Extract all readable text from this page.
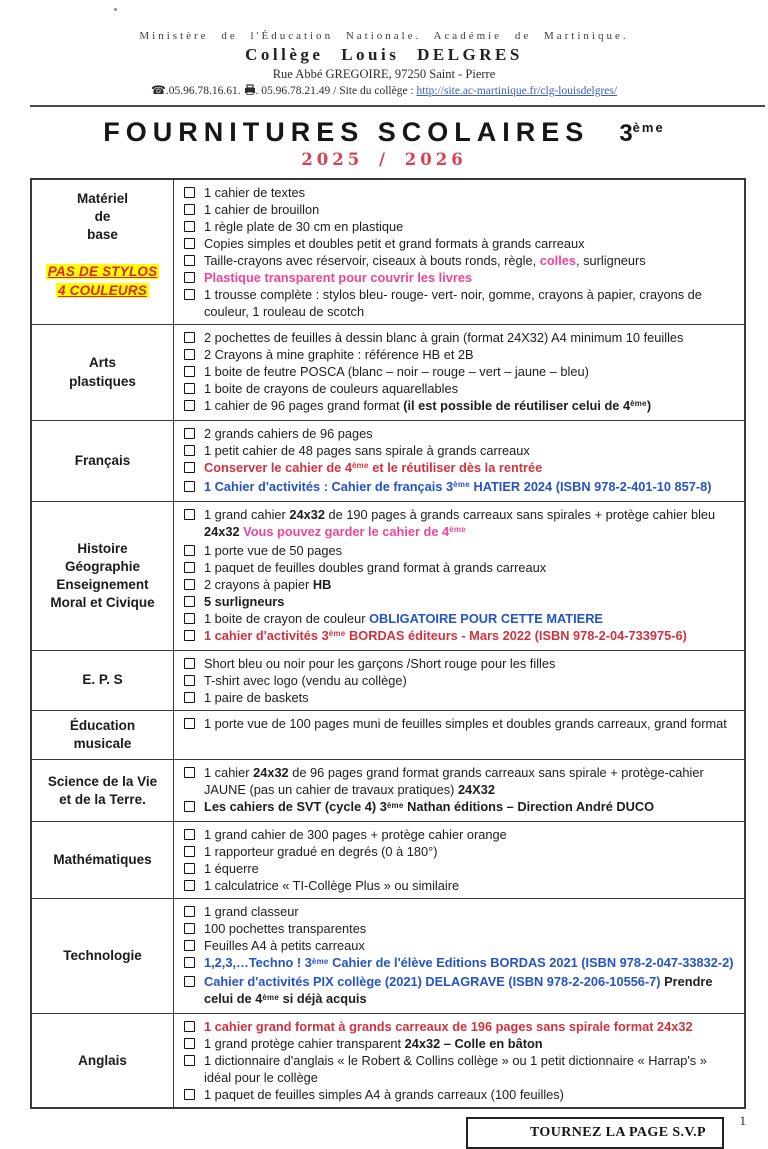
Ministère de l'Éducation Nationale. Académie de Martinique.
Collège Louis DELGRES
Rue Abbé GREGOIRE, 97250 Saint - Pierre
☎.05.96.78.16.61. . 05.96.78.21.49 / Site du collège : http://site.ac-martinique.fr/clg-louisdelgres/
FOURNITURES SCOLAIRES 3ème
2025 / 2026
Matériel
de
base
PAS DE STYLOS
4 COULEURS
1 cahier de textes
1 cahier de brouillon
1 règle plate de 30 cm en plastique
Copies simples et doubles petit et grand formats à grands carreaux
Taille-crayons avec réservoir, ciseaux à bouts ronds, règle, colles, surligneurs
Plastique transparent pour couvrir les livres
1 trousse complète : stylos bleu- rouge- vert- noir, gomme, crayons à papier, crayons de couleur, 1 rouleau de scotch
Arts
plastiques
2 pochettes de feuilles à dessin blanc à grain (format 24X32) A4 minimum 10 feuilles
2 Crayons à mine graphite : référence HB et 2B
1 boite de feutre POSCA (blanc – noir – rouge – vert – jaune – bleu)
1 boite de crayons de couleurs aquarellables
1 cahier de 96 pages grand format (il est possible de réutiliser celui de 4ème)
Français
2 grands cahiers de 96 pages
1 petit cahier de 48 pages sans spirale à grands carreaux
Conserver le cahier de 4ème et le réutiliser dès la rentrée
1 Cahier d'activités : Cahier de français 3ème HATIER 2024 (ISBN 978-2-401-10 857-8)
Histoire
Géographie
Enseignement
Moral et Civique
1 grand cahier 24x32 de 190 pages à grands carreaux sans spirales + protège cahier bleu 24x32 Vous pouvez garder le cahier de 4ème
1 porte vue de 50 pages
1 paquet de feuilles doubles grand format à grands carreaux
2 crayons à papier HB
5 surligneurs
1 boite de crayon de couleur OBLIGATOIRE POUR CETTE MATIERE
1 cahier d'activités 3ème BORDAS éditeurs - Mars 2022 (ISBN 978-2-04-733975-6)
E. P. S
Short bleu ou noir pour les garçons /Short rouge pour les filles
T-shirt avec logo (vendu au collège)
1 paire de baskets
Éducation
musicale
1 porte vue de 100 pages muni de feuilles simples et doubles grands carreaux, grand format
Science de la Vie
et de la Terre.
1 cahier 24x32 de 96 pages grand format grands carreaux sans spirale + protège-cahier JAUNE (pas un cahier de travaux pratiques) 24X32
Les cahiers de SVT (cycle 4) 3ème Nathan éditions – Direction André DUCO
Mathématiques
1 grand cahier de 300 pages + protège cahier orange
1 rapporteur gradué en degrés (0 à 180°)
1 équerre
1 calculatrice « TI-Collège Plus » ou similaire
Technologie
1 grand classeur
100 pochettes transparentes
Feuilles A4 à petits carreaux
1,2,3,…Techno ! 3ème Cahier de l'élève Editions BORDAS 2021 (ISBN 978-2-047-33832-2)
Cahier d'activités PIX collège (2021) DELAGRAVE (ISBN 978-2-206-10556-7) Prendre celui de 4ème si déjà acquis
Anglais
1 cahier grand format à grands carreaux de 196 pages sans spirale format 24x32
1 grand protège cahier transparent 24x32 – Colle en bâton
1 dictionnaire d'anglais « le Robert & Collins collège » ou 1 petit dictionnaire « Harrap's » idéal pour le collège
1 paquet de feuilles simples A4 à grands carreaux (100 feuilles)
TOURNEZ LA PAGE S.V.P
1
